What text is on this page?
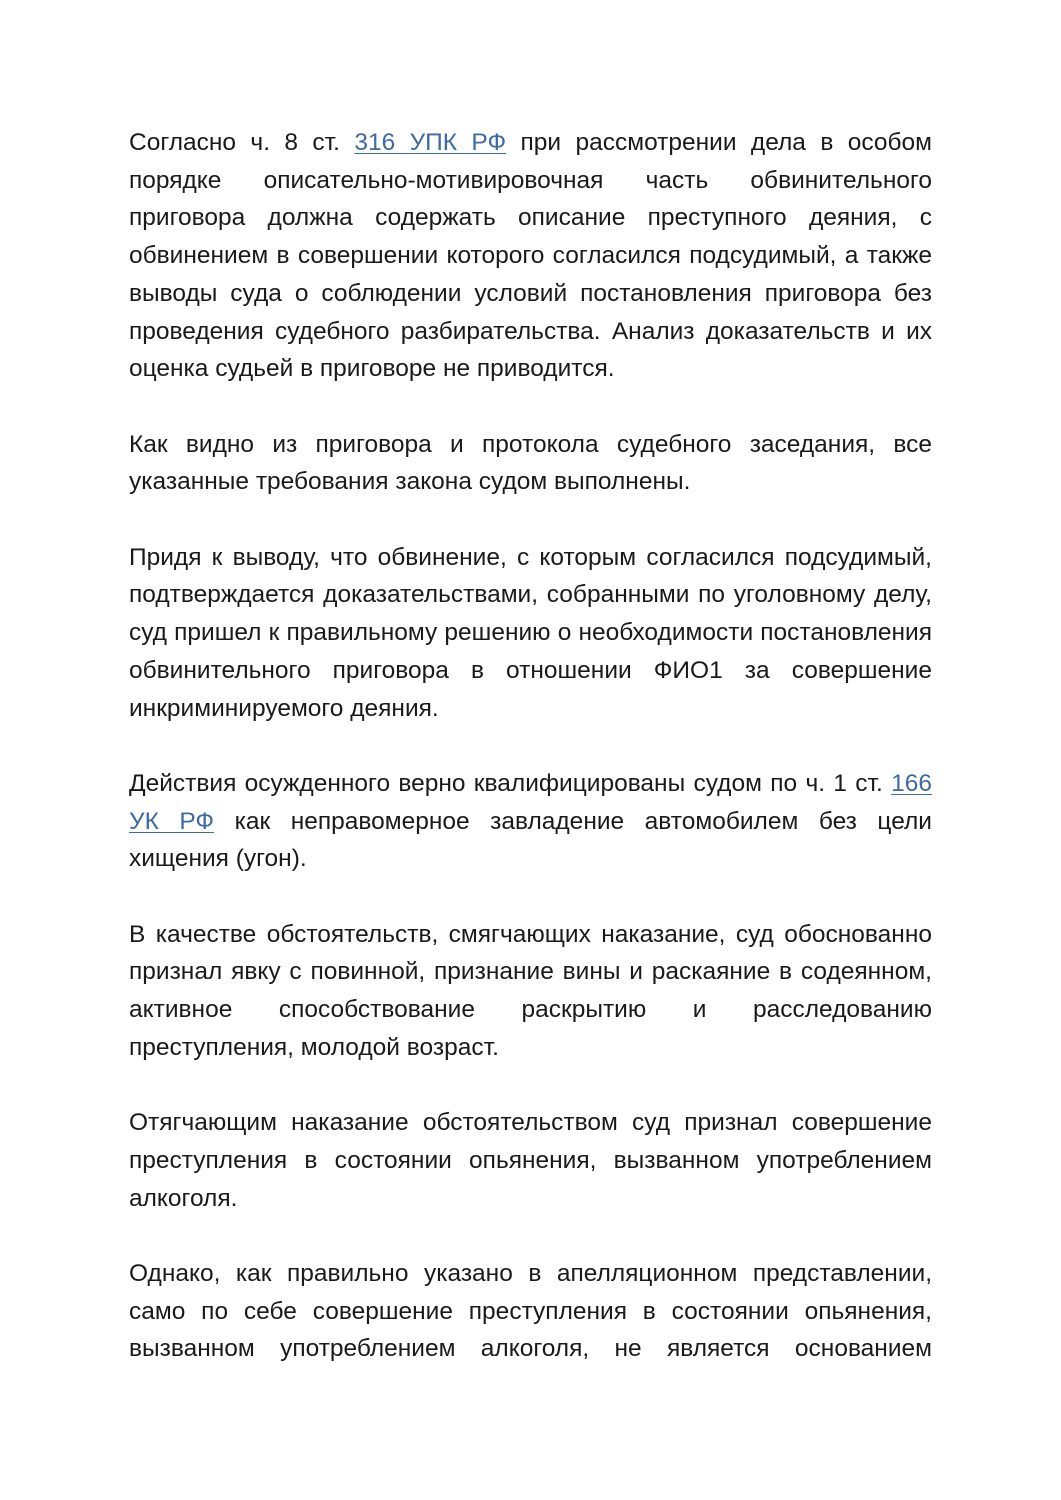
Согласно ч. 8 ст. 316 УПК РФ при рассмотрении дела в особом порядке описательно-мотивировочная часть обвинительного приговора должна содержать описание преступного деяния, с обвинением в совершении которого согласился подсудимый, а также выводы суда о соблюдении условий постановления приговора без проведения судебного разбирательства. Анализ доказательств и их оценка судьей в приговоре не приводится.

Как видно из приговора и протокола судебного заседания, все указанные требования закона судом выполнены.

Придя к выводу, что обвинение, с которым согласился подсудимый, подтверждается доказательствами, собранными по уголовному делу, суд пришел к правильному решению о необходимости постановления обвинительного приговора в отношении ФИО1 за совершение инкриминируемого деяния.

Действия осужденного верно квалифицированы судом по ч. 1 ст. 166 УК РФ как неправомерное завладение автомобилем без цели хищения (угон).

В качестве обстоятельств, смягчающих наказание, суд обоснованно признал явку с повинной, признание вины и раскаяние в содеянном, активное способствование раскрытию и расследованию преступления, молодой возраст.

Отягчающим наказание обстоятельством суд признал совершение преступления в состоянии опьянения, вызванном употреблением алкоголя.

Однако, как правильно указано в апелляционном представлении, само по себе совершение преступления в состоянии опьянения, вызванном употреблением алкоголя, не является основанием
